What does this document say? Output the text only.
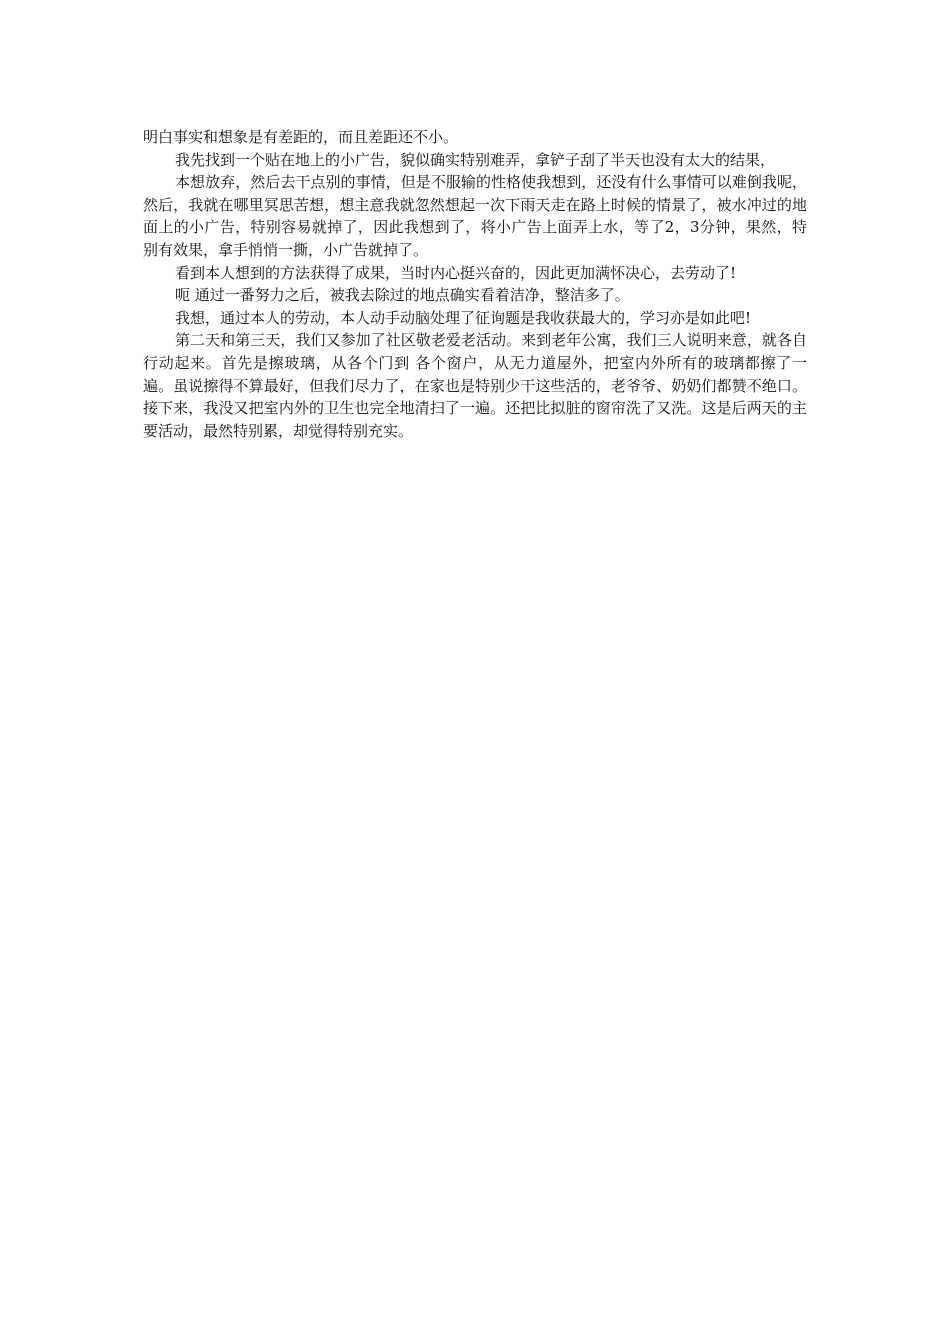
明白事实和想象是有差距的，而且差距还不小。

我先找到一个贴在地上的小广告，貌似确实特别难弄，拿铲子刮了半天也没有太大的结果，

本想放弃，然后去干点别的事情，但是不服输的性格使我想到，还没有什么事情可以难倒我呢，然后，我就在哪里冥思苦想，想主意我就忽然想起一次下雨天走在路上时候的情景了，被水冲过的地面上的小广告，特别容易就掉了，因此我想到了，将小广告上面弄上水，等了2，3分钟，果然，特别有效果，拿手悄悄一撕，小广告就掉了。

看到本人想到的方法获得了成果，当时内心挺兴奋的，因此更加满怀决心，去劳动了!

呃 通过一番努力之后，被我去除过的地点确实看着洁净，整洁多了。

我想，通过本人的劳动，本人动手动脑处理了征询题是我收获最大的，学习亦是如此吧!

第二天和第三天，我们又参加了社区敬老爱老活动。来到老年公寓，我们三人说明来意，就各自行动起来。首先是擦玻璃，从各个门到 各个窗户，从无力道屋外，把室内外所有的玻璃都擦了一遍。虽说擦得不算最好，但我们尽力了，在家也是特别少干这些活的，老爷爷、奶奶们都赞不绝口。接下来，我没又把室内外的卫生也完全地清扫了一遍。还把比拟脏的窗帘洗了又洗。这是后两天的主要活动，最然特别累，却觉得特别充实。
